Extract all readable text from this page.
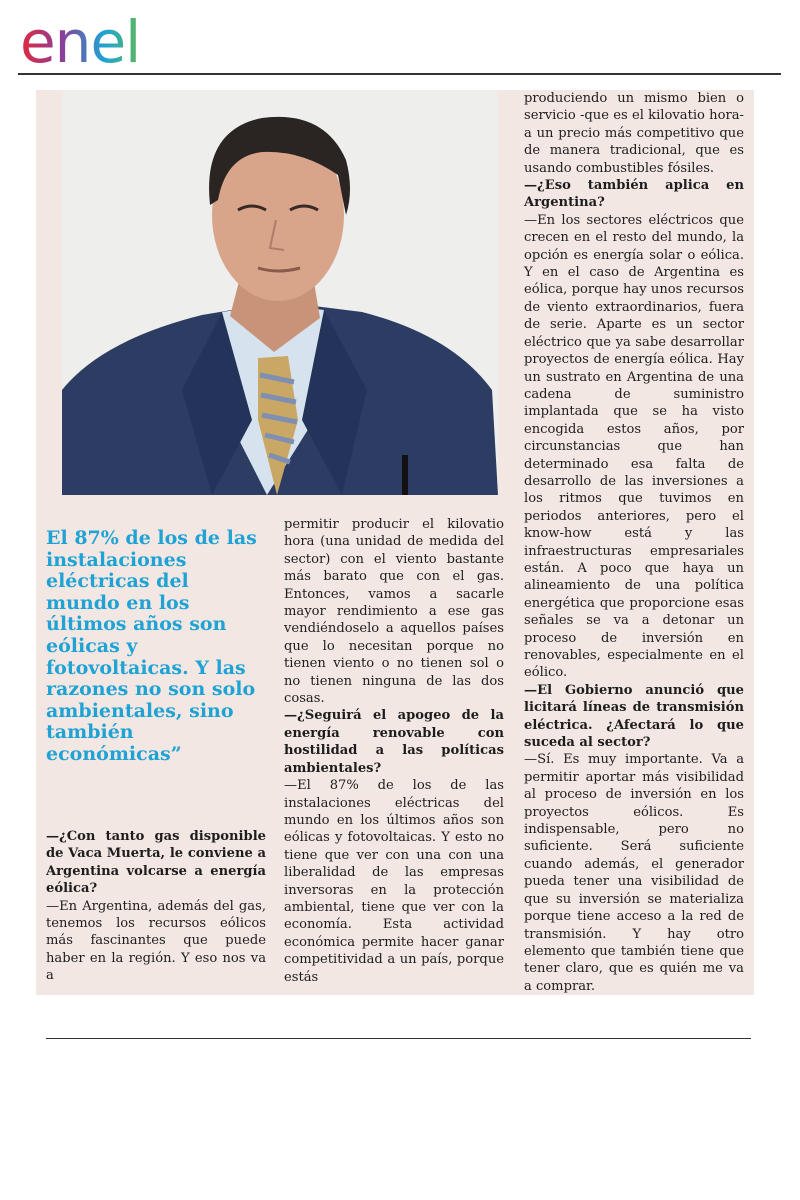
enel
El 87% de los de las instalaciones eléctricas del mundo en los últimos años son eólicas y fotovoltaicas. Y las razones no son solo ambientales, sino también económicas”

—¿Con tanto gas disponible de Vaca Muerta, le conviene a Argentina volcarse a energía eólica?

—En Argentina, además del gas, tenemos los recursos eólicos más fascinantes que puede haber en la región. Y eso nos va a

permitir producir el kilovatio hora (una unidad de medida del sector) con el viento bastante más barato que con el gas. Entonces, vamos a sacarle mayor rendimiento a ese gas vendiéndoselo a aquellos países que lo necesitan porque no tienen viento o no tienen sol o no tienen ninguna de las dos cosas.

—¿Seguirá el apogeo de la energía renovable con hostilidad a las políticas ambientales?

—El 87% de los de las instalaciones eléctricas del mundo en los últimos años son eólicas y fotovoltaicas. Y esto no tiene que ver con una con una liberalidad de las empresas inversoras en la protección ambiental, tiene que ver con la economía. Esta actividad económica permite hacer ganar competitividad a un país, porque estás

produciendo un mismo bien o servicio -que es el kilovatio hora- a un precio más competitivo que de manera tradicional, que es usando combustibles fósiles.

—¿Eso también aplica en Argentina?

—En los sectores eléctricos que crecen en el resto del mundo, la opción es energía solar o eólica. Y en el caso de Argentina es eólica, porque hay unos recursos de viento extraordinarios, fuera de serie. Aparte es un sector eléctrico que ya sabe desarrollar proyectos de energía eólica. Hay un sustrato en Argentina de una cadena de suministro implantada que se ha visto encogida estos años, por circunstancias que han determinado esa falta de desarrollo de las inversiones a los ritmos que tuvimos en periodos anteriores, pero el know-how está y las infraestructuras empresariales están. A poco que haya un alineamiento de una política energética que proporcione esas señales se va a detonar un proceso de inversión en renovables, especialmente en el eólico.

—El Gobierno anunció que licitará líneas de transmisión eléctrica. ¿Afectará lo que suceda al sector?

—Sí. Es muy importante. Va a permitir aportar más visibilidad al proceso de inversión en los proyectos eólicos. Es indispensable, pero no suficiente. Será suficiente cuando además, el generador pueda tener una visibilidad de que su inversión se materializa porque tiene acceso a la red de transmisión. Y hay otro elemento que también tiene que tener claro, que es quién me va a comprar.
